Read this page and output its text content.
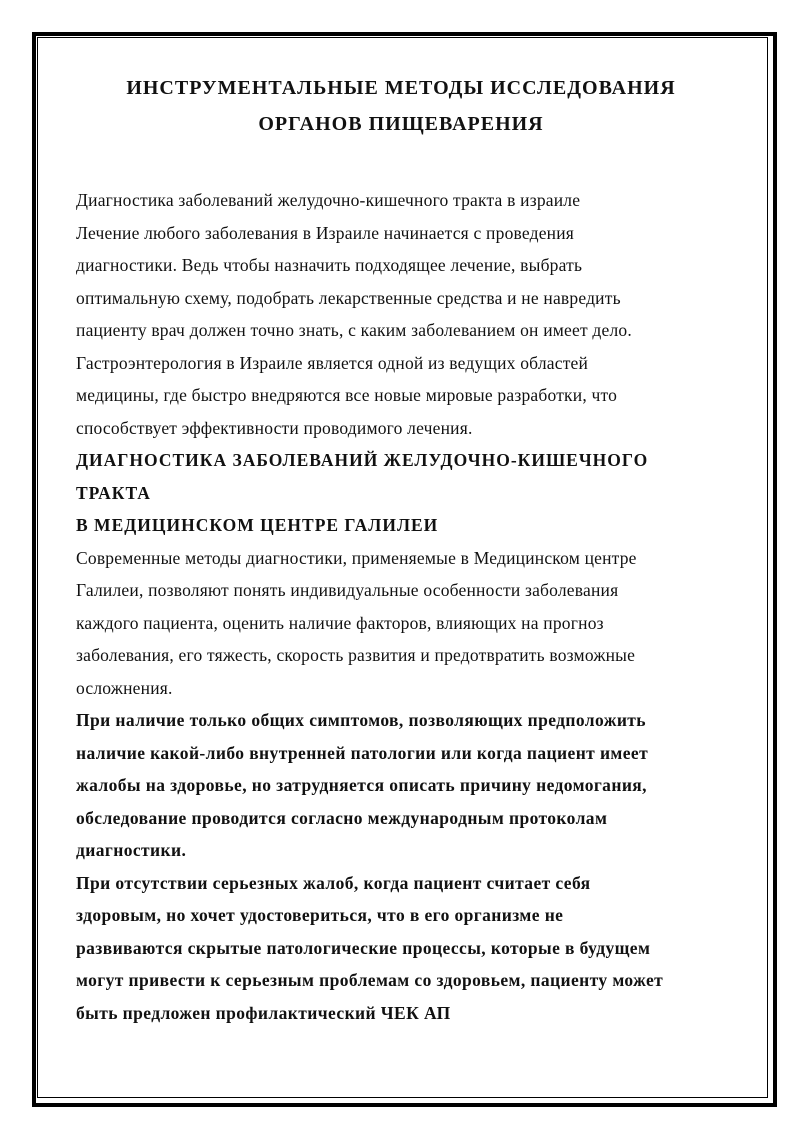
ИНСТРУМЕНТАЛЬНЫЕ МЕТОДЫ ИССЛЕДОВАНИЯ
ОРГАНОВ ПИЩЕВАРЕНИЯ

Диагностика заболеваний желудочно-кишечного тракта в израиле
Лечение любого заболевания в Израиле начинается с проведения
диагностики. Ведь чтобы назначить подходящее лечение, выбрать
оптимальную схему, подобрать лекарственные средства и не навредить
пациенту врач должен точно знать, с каким заболеванием он имеет дело.
Гастроэнтерология в Израиле является одной из ведущих областей
медицины, где быстро внедряются все новые мировые разработки, что
способствует эффективности проводимого лечения.

ДИАГНОСТИКА ЗАБОЛЕВАНИЙ ЖЕЛУДОЧНО-КИШЕЧНОГО
ТРАКТА
В МЕДИЦИНСКОМ ЦЕНТРЕ ГАЛИЛЕИ

Современные методы диагностики, применяемые в Медицинском центре
Галилеи, позволяют понять индивидуальные особенности заболевания
каждого пациента, оценить наличие факторов, влияющих на прогноз
заболевания, его тяжесть, скорость развития и предотвратить возможные
осложнения.

При наличие только общих симптомов, позволяющих предположить
наличие какой-либо внутренней патологии или когда пациент имеет
жалобы на здоровье, но затрудняется описать причину недомогания,
обследование проводится согласно международным протоколам
диагностики.

При отсутствии серьезных жалоб, когда пациент считает себя
здоровым, но хочет удостовериться, что в его организме не
развиваются скрытые патологические процессы, которые в будущем
могут привести к серьезным проблемам со здоровьем, пациенту может
быть предложен профилактический ЧЕК АП
